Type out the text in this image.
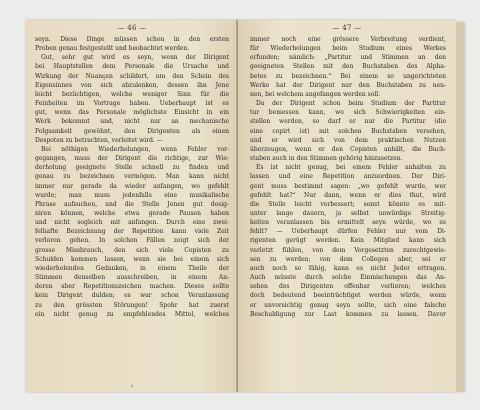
— 46 —
seyn. Diese Dinge müssen schon in den ersten
Proben genau festgestellt und beobachtet werden.
Gut, sehr gut wird es seyn, wenn der Dirigent
bei Hauptstellen dem Personale die Ursache und
Wirkung der Nuançen schildert, um den Schein des
Eigensinnes von sich abzulenken, dessen ihn Jene
leicht bezüchtigen, welche weniger Sinn für die
Feinheiten im Vortrage haben. Ueberhaupt ist es
gut, wenn das Personale möglichste Einsicht in ein
Werk bekommt und, nicht nur an mechanische
Folgsamkeit gewöhnt, den Dirigenten als einen
Despoten zu betrachten, verleitet wird. —
Bei nöthigen Wiederholungen, wenn Fehler vor-
gegangen, muss der Dirigent die richtige, zur Wie-
derholung geeignete Stelle schnell zu finden und
genau zu bezeichnen vermögen. Man kann nicht
immer nur gerade da wieder anfangen, wo gefehlt
wurde; man muss jedenfalls eine musikalische
Phrase aufsuchen, und die Stelle Jenen gut desig-
niren können, welche etwa gerade Pausen haben
und nicht sogleich mit anfangen. Durch eine zwei-
felhafte Bezeichnung der Repetition kann viele Zeit
verloren gehen. In solchen Fällen zeigt sich der
grosse Missbrauch, den sich viele Copisten zu
Schulden kommen lassen, wenn sie bei einem sich
wiederholenden Gedanken, in einem Theile der
Stimmen denselben ausschreiben, in einem An-
deren aber Repetitionszeichen machen. Dieses sollte
kein Dirigent dulden; es war schon Veranlassung
zu den grössten Störungen! Spohr hat zuerst
ein nicht genug zu empfehlendes Mittel, welches
3
— 47 —
immer noch eine grössere Verbreitung verdient,
für Wiederholungen beim Studium eines Werkes
erfunden; nämlich: „Partitur und Stimmen an den
geeigneten Stellen mit den Buchstaben des Alpha-
betes zu bezeichnen.“ Bei einem so ungerichteten
Werke hat der Dirigent nur den Buchstaben zu nen-
nen, bei welchem angefangen werden soll.
Da der Dirigent schon beim Studium der Partitur
tur bemessen kann, wo sich Schwierigkeiten ein-
stellen werden, so darf er nur die Partitur (die
eine copirt ist) mit solchen Buchstaben versehen,
und er wird sich von dem praktischen Nutzen
überzeugen, wenn er den Copisten anhält, die Buch-
staben auch in den Stimmen gehörig hinzusetzen.
Es ist nicht genug, bei einem Fehler anhalten zu
lassen und eine Repetition anzuordnen. Der Diri-
gent muss bestimmt sagen: „wo gefehlt wurde, wer
gefehlt hat?“ Nur dann, wenn er dies thut, wird
die Stelle leicht verbessert; sonst könnte es mit-
unter lange dauern, ja selbst unwürdige Streitig-
keiten veranlassen bis ermittelt seyn würde, wo es
fehlt? — Ueberhaupt dürfen Fehler nur vom Di-
rigenten gerügt werden. Kein Mitglied kann sich
verletzt fühlen, von dem Vorgesetzten zurechtgewie-
sen zu werden; von dem Collegen aber, sei er
auch noch so fähig, kann es nicht Jeder ertragen.
Auch müsste durch solche Einmischungen das An-
sehen des Dirigenten offenbar verlieren; welches
doch bedeutend beeinträchtiget werden würde, wenn
er unvorsichtig genug seyn sollte, sich eine falsche
Beschuldigung zur Last kommen zu lassen. Davor
